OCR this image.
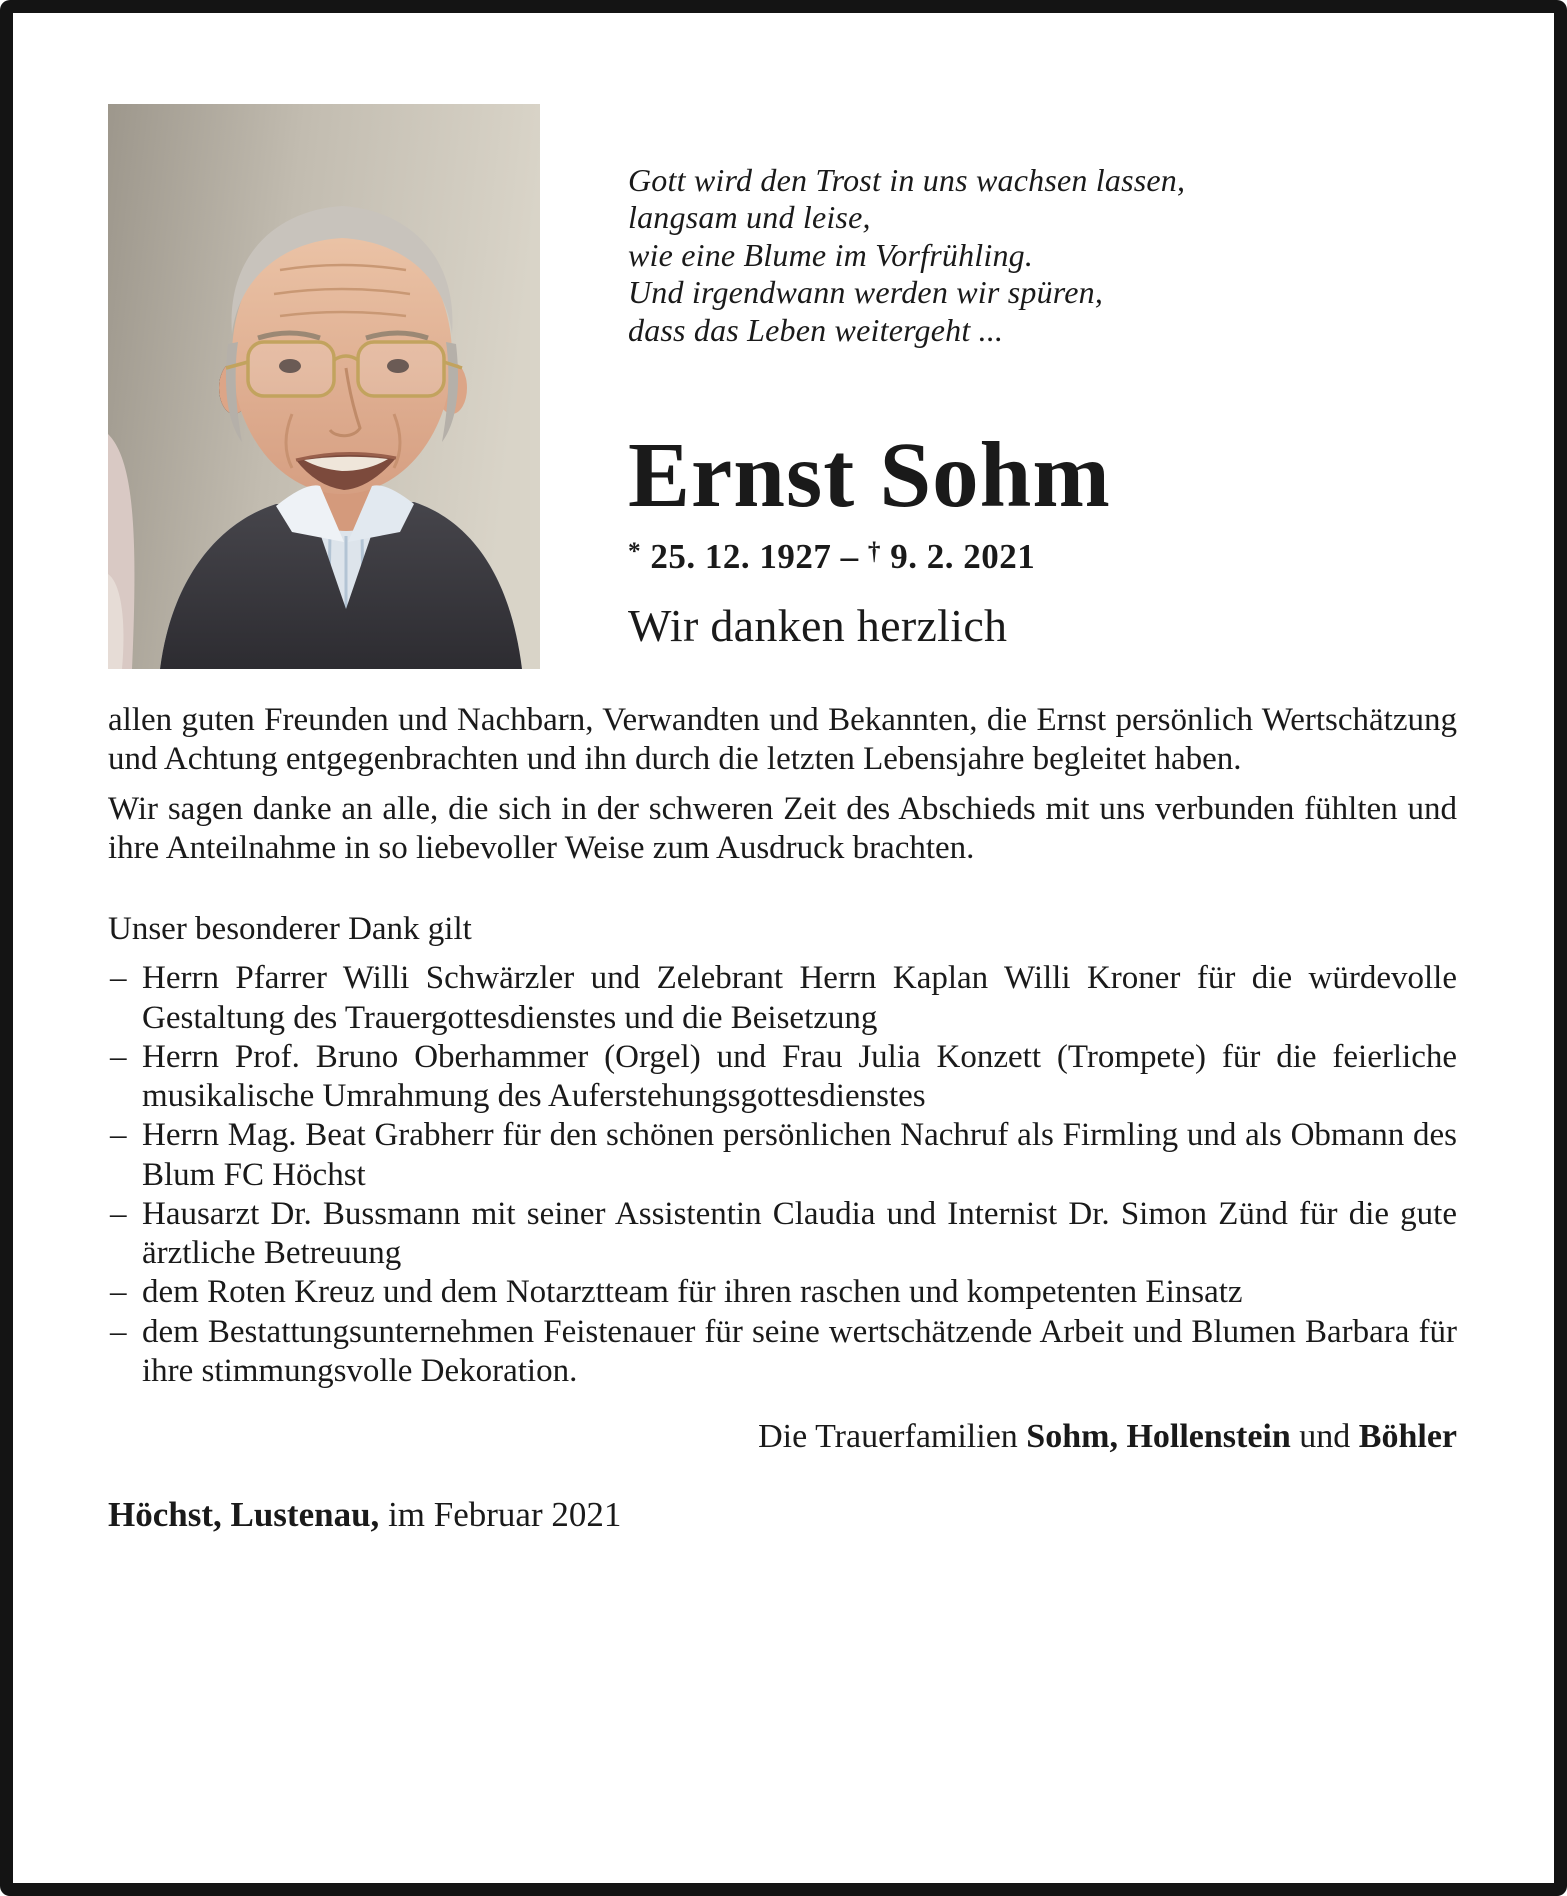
Gott wird den Trost in uns wachsen lassen,
langsam und leise,
wie eine Blume im Vorfrühling.
Und irgendwann werden wir spüren,
dass das Leben weitergeht ...
Ernst Sohm
* 25. 12. 1927 – † 9. 2. 2021
Wir danken herzlich

allen guten Freunden und Nachbarn, Verwandten und Bekannten, die Ernst persönlich Wertschätzung und Achtung entgegenbrachten und ihn durch die letzten Lebensjahre begleitet haben.

Wir sagen danke an alle, die sich in der schweren Zeit des Abschieds mit uns verbunden fühlten und ihre Anteilnahme in so liebevoller Weise zum Ausdruck brachten.

Unser besonderer Dank gilt

– Herrn Pfarrer Willi Schwärzler und Zelebrant Herrn Kaplan Willi Kroner für die würdevolle Gestaltung des Trauergottesdienstes und die Beisetzung
– Herrn Prof. Bruno Oberhammer (Orgel) und Frau Julia Konzett (Trompete) für die feierliche musikalische Umrahmung des Auferstehungsgottesdienstes
– Herrn Mag. Beat Grabherr für den schönen persönlichen Nachruf als Firmling und als Obmann des Blum FC Höchst
– Hausarzt Dr. Bussmann mit seiner Assistentin Claudia und Internist Dr. Simon Zünd für die gute ärztliche Betreuung
– dem Roten Kreuz und dem Notarztteam für ihren raschen und kompetenten Einsatz
– dem Bestattungsunternehmen Feistenauer für seine wertschätzende Arbeit und Blumen Barbara für ihre stimmungsvolle Dekoration.

Die Trauerfamilien Sohm, Hollenstein und Böhler

Höchst, Lustenau, im Februar 2021
